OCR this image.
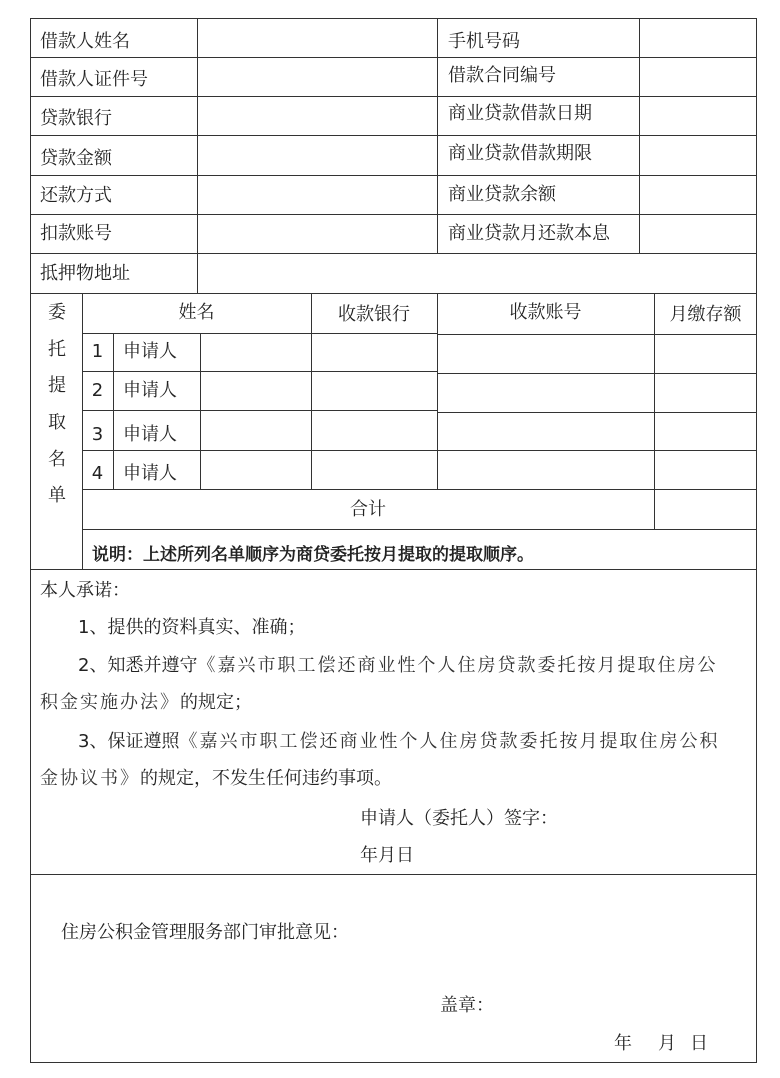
借款人姓名	手机号码
借款人证件号	借款合同编号
贷款银行	商业贷款借款日期
贷款金额	商业贷款借款期限
还款方式	商业贷款余额
扣款账号	商业贷款月还款本息
抵押物地址
委
托
提
取
名
单
姓名	收款银行	收款账号	月缴存额
1	申请人
2	申请人
3	申请人
4	申请人
合计
说明：上述所列名单顺序为商贷委托按月提取的提取顺序。
本人承诺：
1、提供的资料真实、准确；
2、知悉并遵守《嘉兴市职工偿还商业性个人住房贷款委托按月提取住房公
积金实施办法》的规定；
3、保证遵照《嘉兴市职工偿还商业性个人住房贷款委托按月提取住房公积
金协议书》的规定，不发生任何违约事项。
申请人（委托人）签字：
年月日
住房公积金管理服务部门审批意见：
盖章：
年 月 日
